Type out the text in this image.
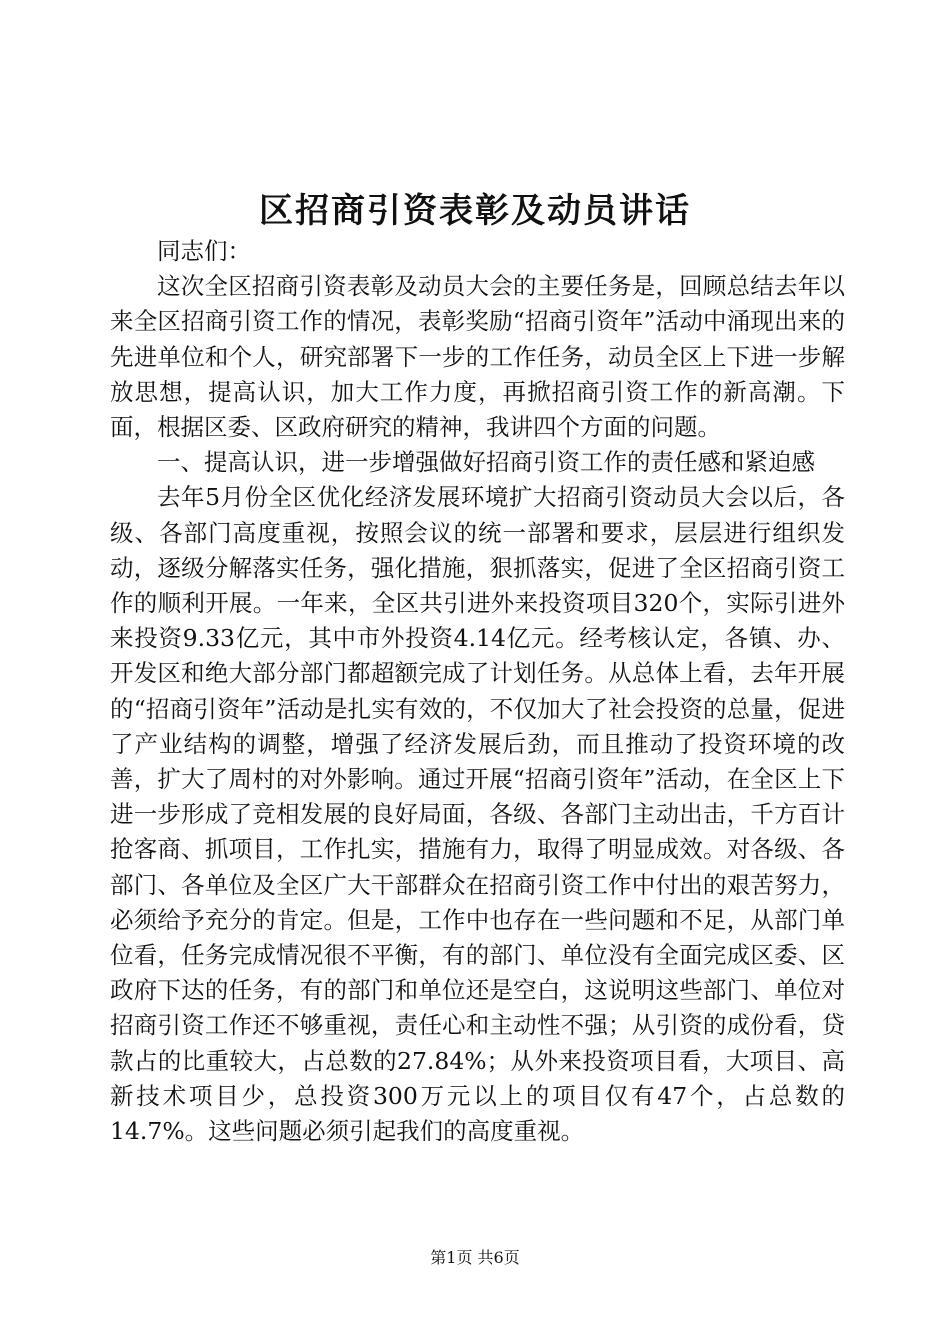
区招商引资表彰及动员讲话

同志们：

这次全区招商引资表彰及动员大会的主要任务是，回顾总结去年以来全区招商引资工作的情况，表彰奖励“招商引资年”活动中涌现出来的先进单位和个人，研究部署下一步的工作任务，动员全区上下进一步解放思想，提高认识，加大工作力度，再掀招商引资工作的新高潮。下面，根据区委、区政府研究的精神，我讲四个方面的问题。

一、提高认识，进一步增强做好招商引资工作的责任感和紧迫感

去年5月份全区优化经济发展环境扩大招商引资动员大会以后，各级、各部门高度重视，按照会议的统一部署和要求，层层进行组织发动，逐级分解落实任务，强化措施，狠抓落实，促进了全区招商引资工作的顺利开展。一年来，全区共引进外来投资项目320个，实际引进外来投资9.33亿元，其中市外投资4.14亿元。经考核认定，各镇、办、开发区和绝大部分部门都超额完成了计划任务。从总体上看，去年开展的“招商引资年”活动是扎实有效的，不仅加大了社会投资的总量，促进了产业结构的调整，增强了经济发展后劲，而且推动了投资环境的改善，扩大了周村的对外影响。通过开展“招商引资年”活动，在全区上下进一步形成了竞相发展的良好局面，各级、各部门主动出击，千方百计抢客商、抓项目，工作扎实，措施有力，取得了明显成效。对各级、各部门、各单位及全区广大干部群众在招商引资工作中付出的艰苦努力，必须给予充分的肯定。但是，工作中也存在一些问题和不足，从部门单位看，任务完成情况很不平衡，有的部门、单位没有全面完成区委、区政府下达的任务，有的部门和单位还是空白，这说明这些部门、单位对招商引资工作还不够重视，责任心和主动性不强；从引资的成份看，贷款占的比重较大，占总数的27.84%；从外来投资项目看，大项目、高新技术项目少，总投资300万元以上的项目仅有47个，占总数的14.7%。这些问题必须引起我们的高度重视。

第1页 共6页
